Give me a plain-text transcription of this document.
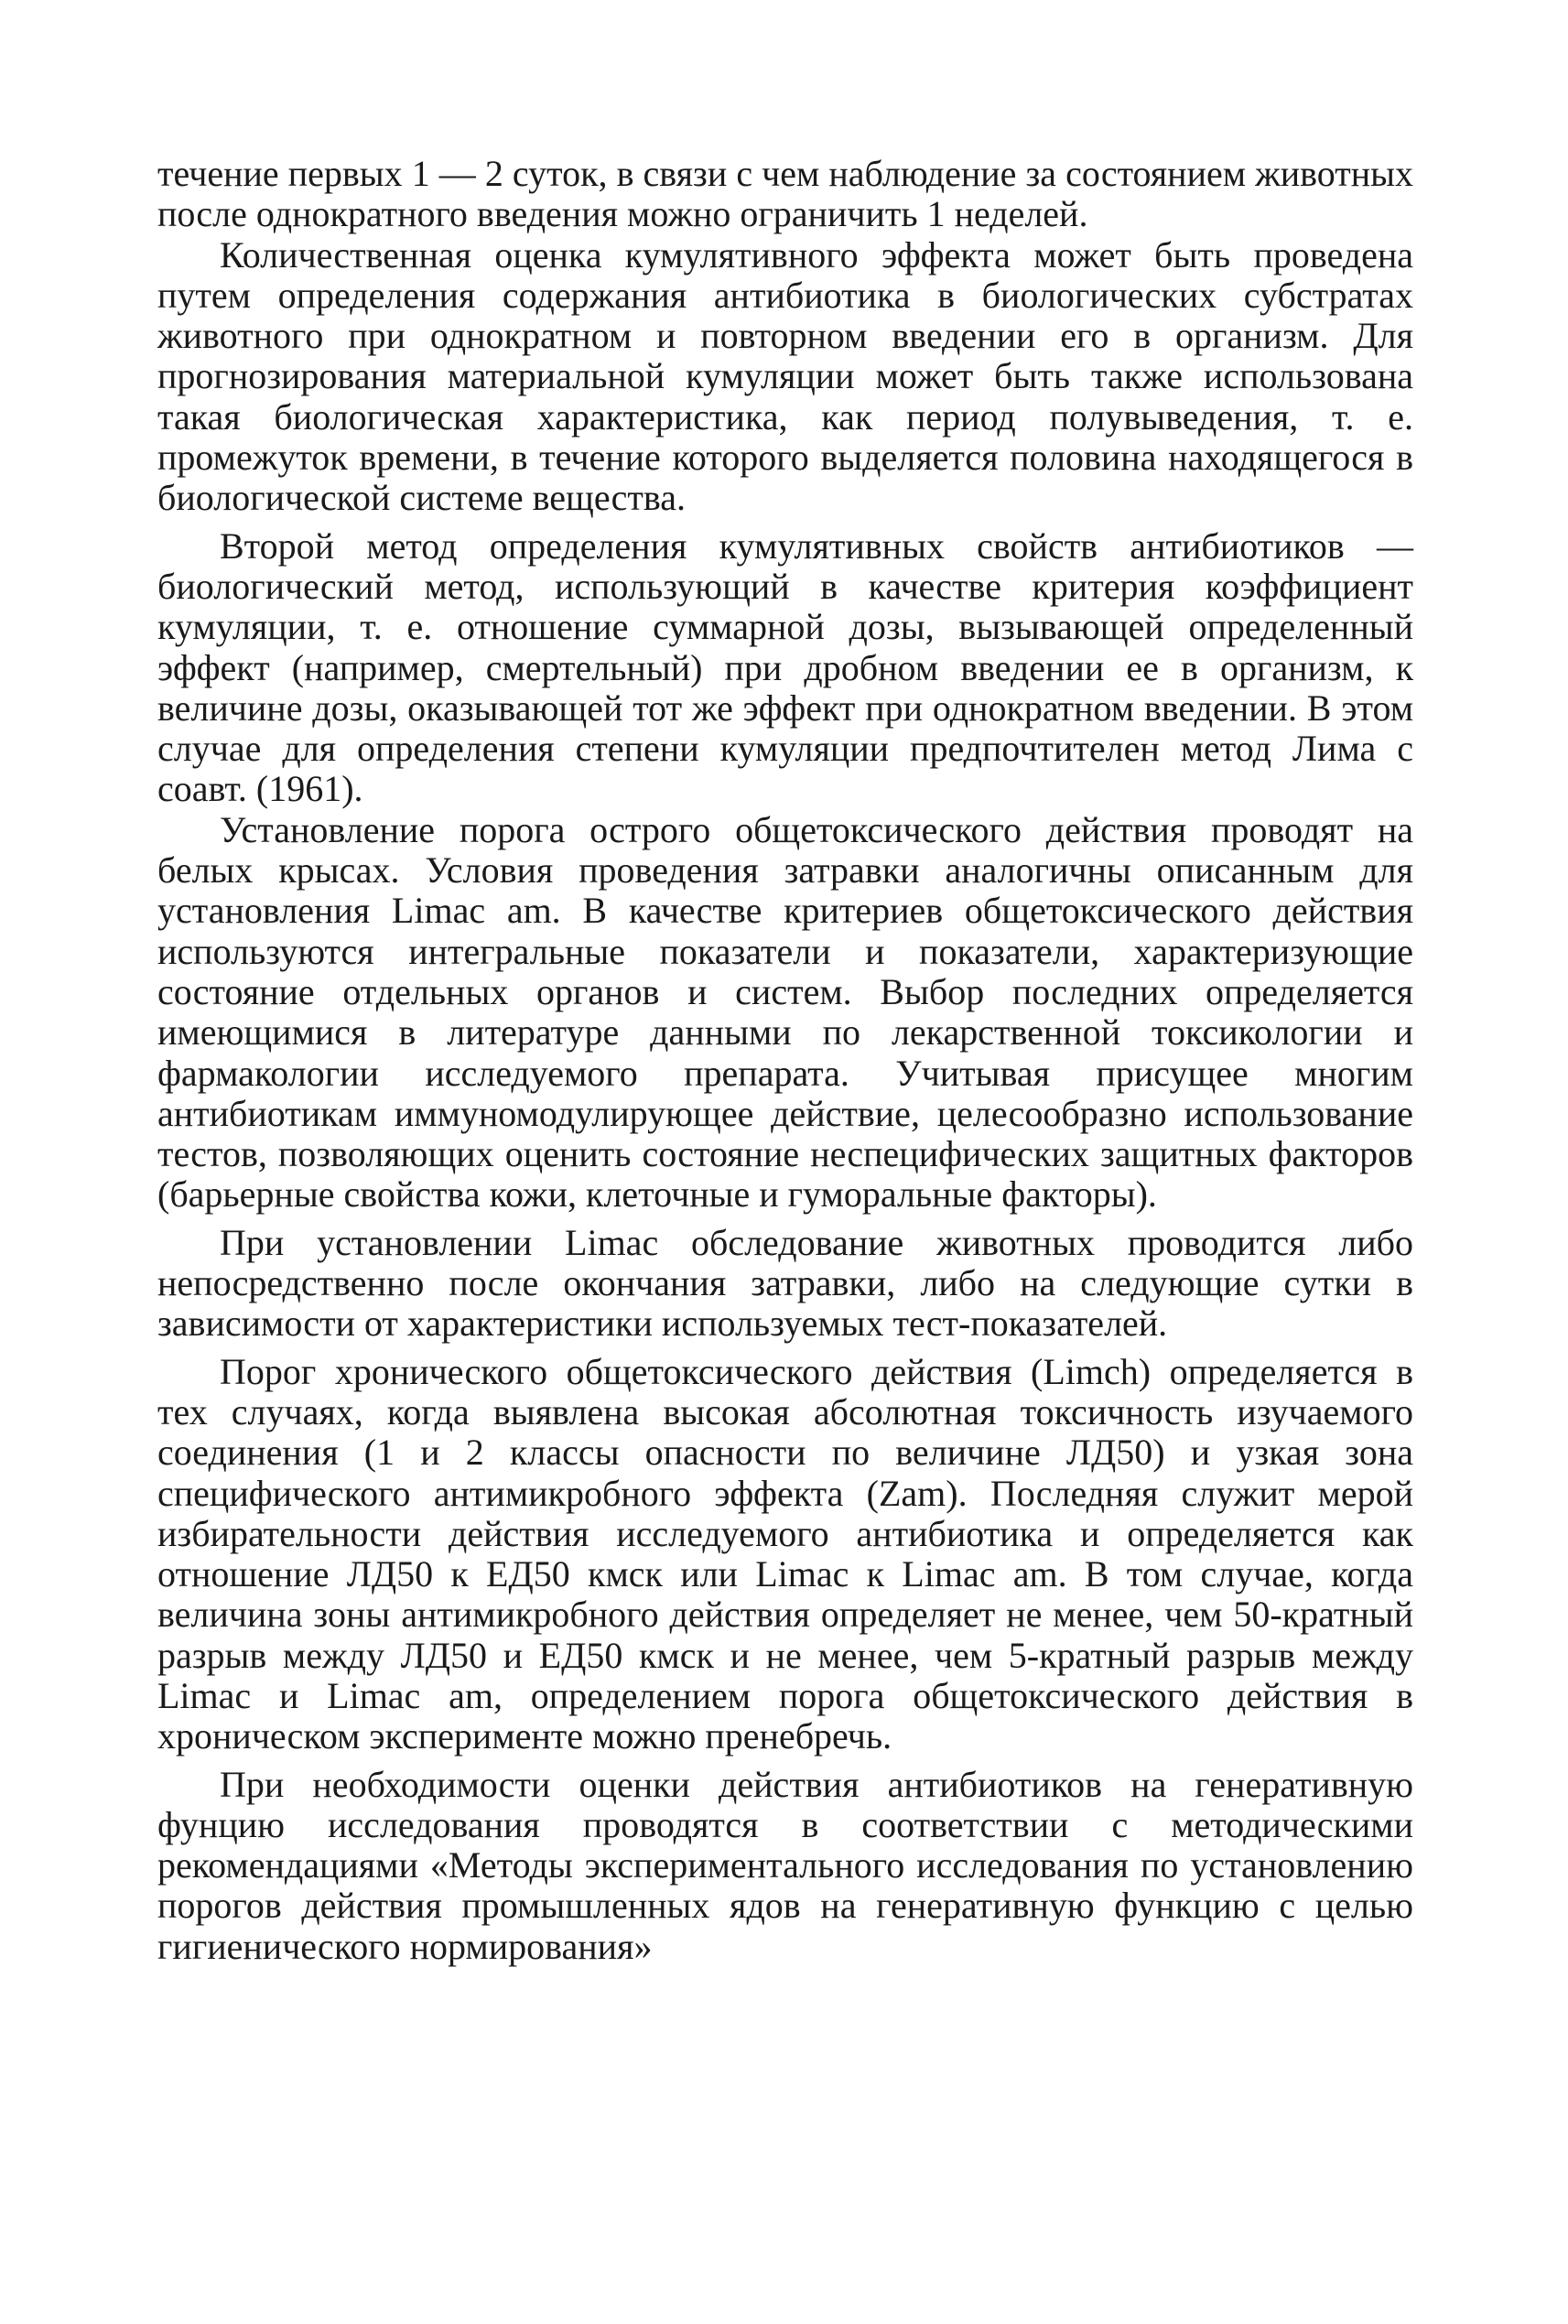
течение первых 1 — 2 суток, в связи с чем наблюдение за состоянием животных после однократного введения можно ограничить 1 неделей.

Количественная оценка кумулятивного эффекта может быть проведена путем определения содержания антибиотика в биологических субстратах животного при однократном и повторном введении его в организм. Для прогнозирования материальной кумуляции может быть также использована такая биологическая характеристика, как период полувыведения, т. е. промежуток времени, в течение которого выделяется половина находящегося в биологической системе вещества.

Второй метод определения кумулятивных свойств антибиотиков — биологический метод, использующий в качестве критерия коэффициент кумуляции, т. е. отношение суммарной дозы, вызывающей определенный эффект (например, смертельный) при дробном введении ее в организм, к величине дозы, оказывающей тот же эффект при однократном введении. В этом случае для определения степени кумуляции предпочтителен метод Лима с соавт. (1961).

Установление порога острого общетоксического действия проводят на белых крысах. Условия проведения затравки аналогичны описанным для установления Limac am. В качестве критериев общетоксического действия используются интегральные показатели и показатели, характеризующие состояние отдельных органов и систем. Выбор последних определяется имеющимися в литературе данными по лекарственной токсикологии и фармакологии исследуемого препарата. Учитывая присущее многим антибиотикам иммуномодулирующее действие, целесообразно использование тестов, позволяющих оценить состояние неспецифических защитных факторов (барьерные свойства кожи, клеточные и гуморальные факторы).

При установлении Limac обследование животных проводится либо непосредственно после окончания затравки, либо на следующие сутки в зависимости от характеристики используемых тест-показателей.

Порог хронического общетоксического действия (Limch) определяется в тех случаях, когда выявлена высокая абсолютная токсичность изучаемого соединения (1 и 2 классы опасности по величине ЛД50) и узкая зона специфического антимикробного эффекта (Zam). Последняя служит мерой избирательности действия исследуемого антибиотика и определяется как отношение ЛД50 к ЕД50 кмск или Limac к Limac am. В том случае, когда величина зоны антимикробного действия определяет не менее, чем 50-кратный разрыв между ЛД50 и ЕД50 кмск и не менее, чем 5-кратный разрыв между Limac и Limac am, определением порога общетоксического действия в хроническом эксперименте можно пренебречь.

При необходимости оценки действия антибиотиков на генеративную фунцию исследования проводятся в соответствии с методическими рекомендациями «Методы экспериментального исследования по установлению порогов действия промышленных ядов на генеративную функцию с целью гигиенического нормирования»
